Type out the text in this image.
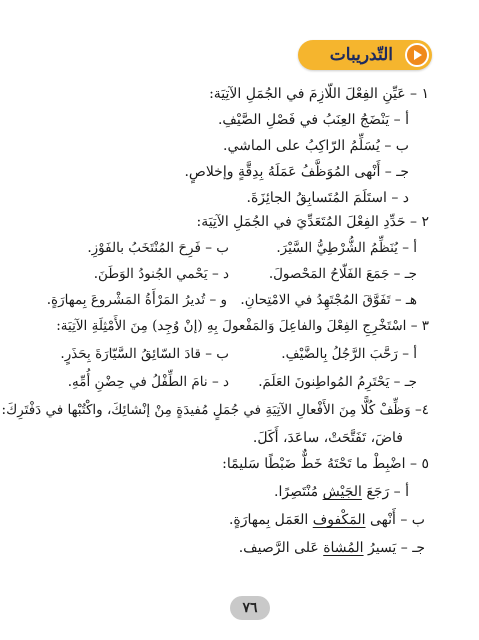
التّدريبات
١ – عَيِّنِ الفِعْلَ اللّازِمَ في الجُمَلِ الآتِيَة:
أ – يَنْضَجُ العِنَبُ في فَصْلِ الصَّيْفِ.
ب – يُسَلِّمُ الرّاكِبُ على الماشي.
جـ – أَنْهى المُوَظَّفُ عَمَلَهُ بِدِقَّةٍ وإخلاصٍ.
د – استَلَمَ المُتَسابِقُ الجائِزَةَ.
٢ – حَدِّدِ الفِعْلَ المُتَعَدِّيَ في الجُمَلِ الآتِيَة:
أ – يُنَظِّمُ الشُّرْطِيُّ السَّيْرَ.
ب – فَرِحَ المُنْتَخَبُ بالفَوْزِ.
جـ – جَمَعَ الفَلّاحُ المَحْصولَ.
د – يَحْمي الجُنودُ الوَطَنَ.
هـ – تَفَوَّقَ المُجْتَهِدُ في الامْتِحانِ.
و – تُديرُ المَرْأَةُ المَشْروعَ بِمهارَةٍ.
٣ – اسْتَخْرِجِ الفِعْلَ والفاعِلَ وَالمَفْعولَ بِهِ (إنْ وُجِد) مِنَ الأَمْثِلَةِ الآتِيَة:
أ – رَحَّبَ الرَّجُلُ بِالضَّيْفِ.
ب – قادَ السّائِقُ السَّيّارَةَ بِحَذَرٍ.
جـ – يَحْتَرِمُ المُواطِنونَ العَلَمَ.
د – نامَ الطِّفْلُ في حِضْنِ أُمِّهِ.
٤– وَظِّفْ كُلًّا مِنَ الأَفْعالِ الآتِيَةِ في جُمَلٍ مُفيدَةٍ مِنْ إنْشائِكَ، واكْتُبْها في دَفْتَرِكَ:
فاضَ، تَفَتَّحَتْ، ساعَدَ، أَكَلَ.
٥ – اضْبِطْ ما تَحْتَهُ خَطٌّ ضَبْطًا سَليمًا:
أ – رَجَعَ الجَيْش مُنْتَصِرًا.
ب – أَنْهى المَكْفوف العَمَل بِمهارَةٍ.
جـ – يَسيرُ المُشاة عَلى الرَّصيف.
٧٦
